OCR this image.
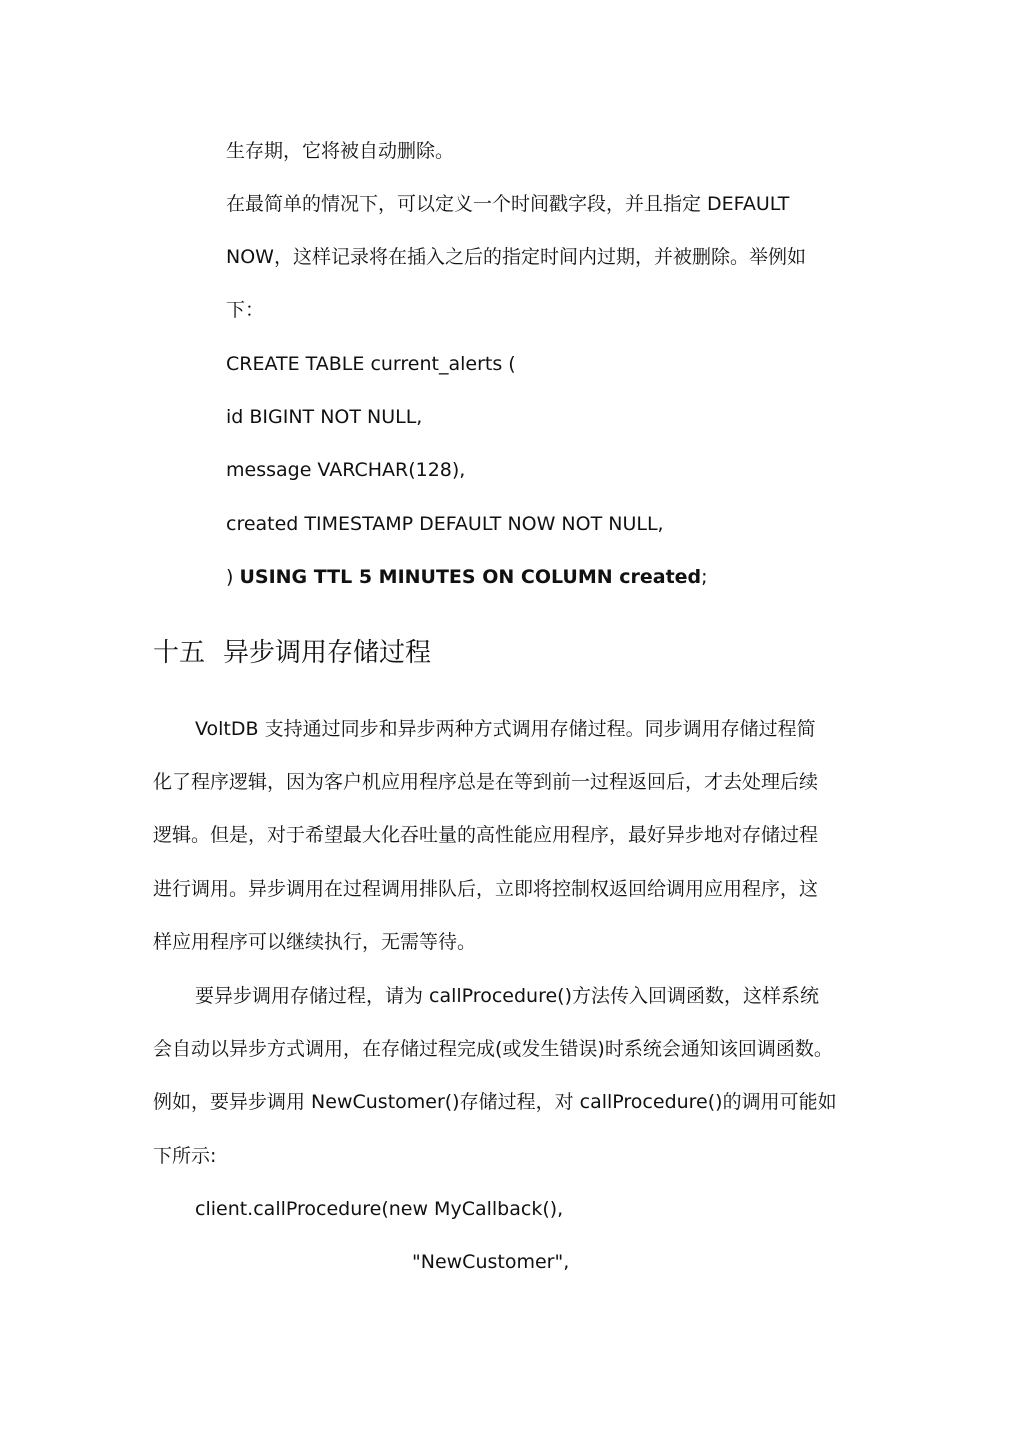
生存期，它将被自动删除。
在最简单的情况下，可以定义一个时间戳字段，并且指定 DEFAULT
NOW，这样记录将在插入之后的指定时间内过期，并被删除。举例如
下：
CREATE TABLE current_alerts (
id BIGINT NOT NULL,
message VARCHAR(128),
created TIMESTAMP DEFAULT NOW NOT NULL,
) USING TTL 5 MINUTES ON COLUMN created;
十五 异步调用存储过程
VoltDB 支持通过同步和异步两种方式调用存储过程。同步调用存储过程简
化了程序逻辑，因为客户机应用程序总是在等到前一过程返回后，才去处理后续
逻辑。但是，对于希望最大化吞吐量的高性能应用程序，最好异步地对存储过程
进行调用。异步调用在过程调用排队后，立即将控制权返回给调用应用程序，这
样应用程序可以继续执行，无需等待。
要异步调用存储过程，请为 callProcedure()方法传入回调函数，这样系统
会自动以异步方式调用，在存储过程完成(或发生错误)时系统会通知该回调函数。
例如，要异步调用 NewCustomer()存储过程，对 callProcedure()的调用可能如
下所示:
client.callProcedure(new MyCallback(),
"NewCustomer",
